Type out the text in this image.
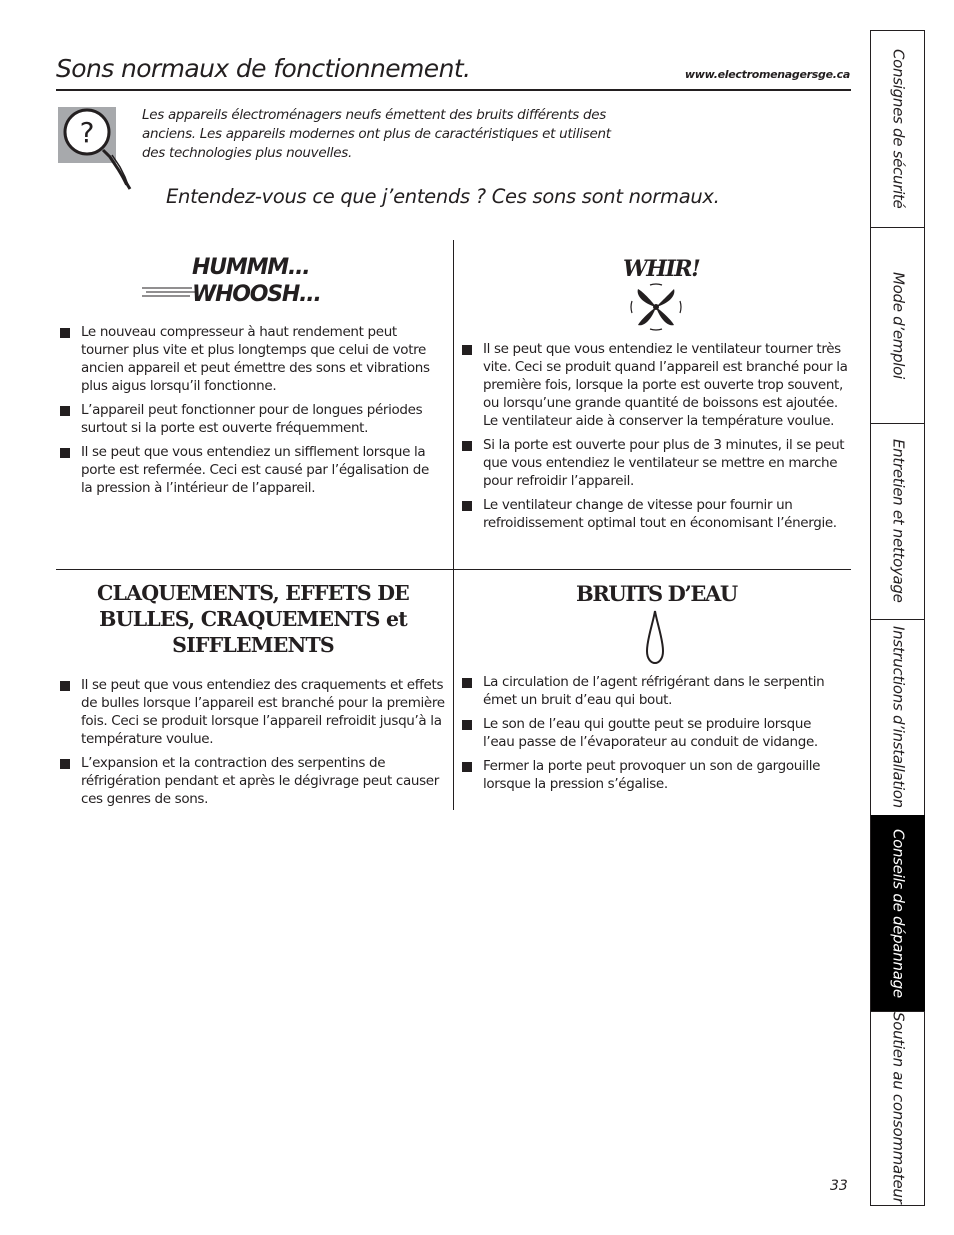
Sons normaux de fonctionnement.	www.electromenagersge.ca
?
Les appareils électroménagers neufs émettent des bruits différents des anciens. Les appareils modernes ont plus de caractéristiques et utilisent des technologies plus nouvelles.
Entendez-vous ce que j’entends ? Ces sons sont normaux.
HUMMM...
WHOOSH...
Le nouveau compresseur à haut rendement peut tourner plus vite et plus longtemps que celui de votre ancien appareil et peut émettre des sons et vibrations plus aigus lorsqu’il fonctionne.
L’appareil peut fonctionner pour de longues périodes surtout si la porte est ouverte fréquemment.
Il se peut que vous entendiez un sifflement lorsque la porte est refermée. Ceci est causé par l’égalisation de la pression à l’intérieur de l’appareil.
WHIR!
Il se peut que vous entendiez le ventilateur tourner très vite. Ceci se produit quand l’appareil est branché pour la première fois, lorsque la porte est ouverte trop souvent, ou lorsqu’une grande quantité de boissons est ajoutée. Le ventilateur aide à conserver la température voulue.
Si la porte est ouverte pour plus de 3 minutes, il se peut que vous entendiez le ventilateur se mettre en marche pour refroidir l’appareil.
Le ventilateur change de vitesse pour fournir un refroidissement optimal tout en économisant l’énergie.
CLAQUEMENTS, EFFETS DE
BULLES, CRAQUEMENTS et
SIFFLEMENTS
Il se peut que vous entendiez des craquements et effets de bulles lorsque l’appareil est branché pour la première fois. Ceci se produit lorsque l’appareil refroidit jusqu’à la température voulue.
L’expansion et la contraction des serpentins de réfrigération pendant et après le dégivrage peut causer ces genres de sons.
BRUITS D’EAU
La circulation de l’agent réfrigérant dans le serpentin émet un bruit d’eau qui bout.
Le son de l’eau qui goutte peut se produire lorsque l’eau passe de l’évaporateur au conduit de vidange.
Fermer la porte peut provoquer un son de gargouille lorsque la pression s’égalise.
Consignes de sécurité
Mode d’emploi
Entretien et nettoyage
Instructions d’installation
Conseils de dépannage
Soutien au consommateur
33
